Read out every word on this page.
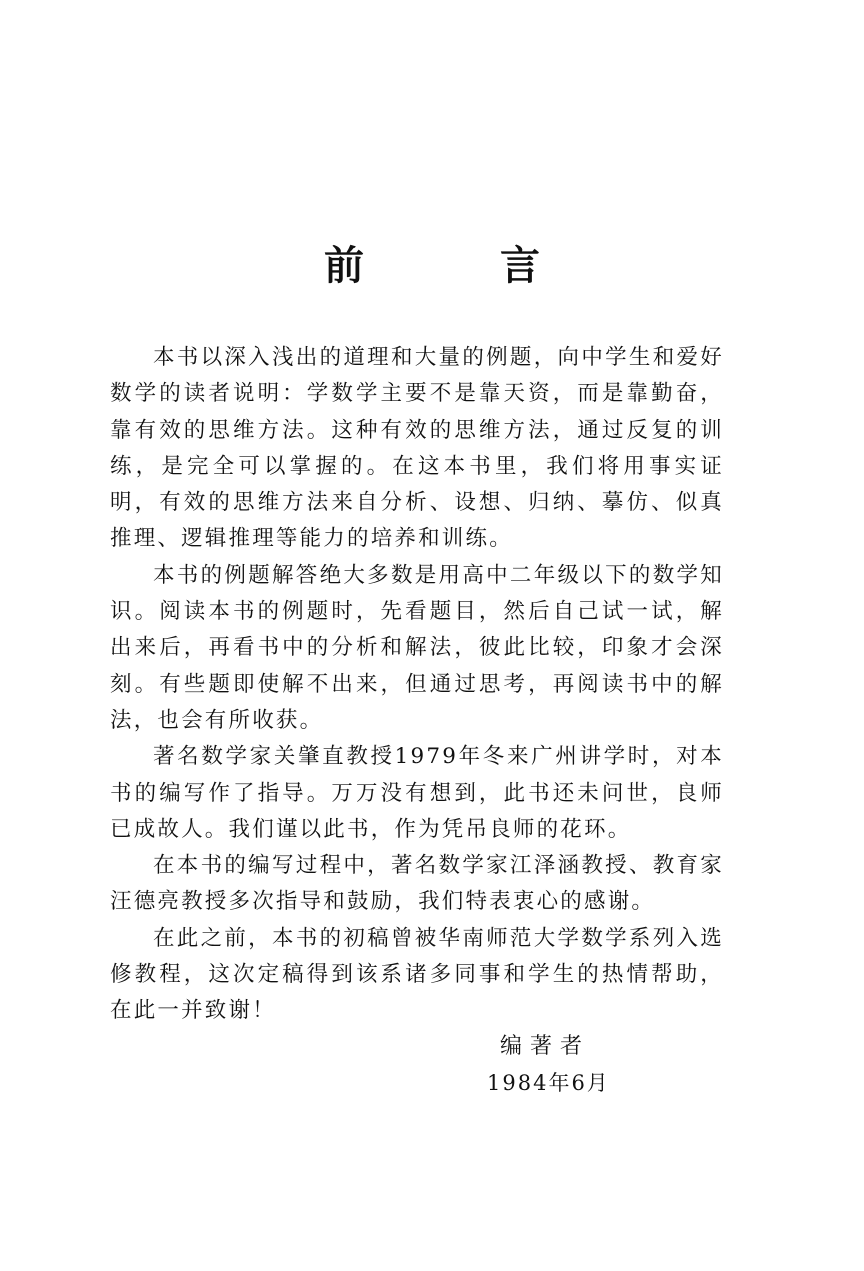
前　言

本书以深入浅出的道理和大量的例题，向中学生和爱好数学的读者说明：学数学主要不是靠天资，而是靠勤奋，靠有效的思维方法。这种有效的思维方法，通过反复的训练，是完全可以掌握的。在这本书里，我们将用事实证明，有效的思维方法来自分析、设想、归纳、摹仿、似真推理、逻辑推理等能力的培养和训练。

本书的例题解答绝大多数是用高中二年级以下的数学知识。阅读本书的例题时，先看题目，然后自己试一试，解出来后，再看书中的分析和解法，彼此比较，印象才会深刻。有些题即使解不出来，但通过思考，再阅读书中的解法，也会有所收获。

著名数学家关肇直教授1979年冬来广州讲学时，对本书的编写作了指导。万万没有想到，此书还未问世，良师已成故人。我们谨以此书，作为凭吊良师的花环。

在本书的编写过程中，著名数学家江泽涵教授、教育家汪德亮教授多次指导和鼓励，我们特表衷心的感谢。

在此之前，本书的初稿曾被华南师范大学数学系列入选修教程，这次定稿得到该系诸多同事和学生的热情帮助，在此一并致谢！

编著者
1984年6月
